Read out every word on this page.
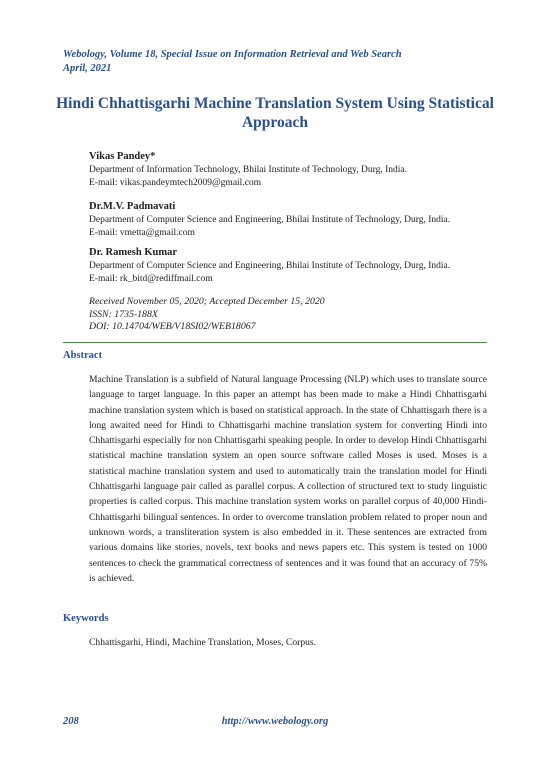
Webology, Volume 18, Special Issue on Information Retrieval and Web Search
April, 2021
Hindi Chhattisgarhi Machine Translation System Using Statistical Approach
Vikas Pandey*
Department of Information Technology, Bhilai Institute of Technology, Durg, India.
E-mail: vikas.pandeymtech2009@gmail.com
Dr.M.V. Padmavati
Department of Computer Science and Engineering, Bhilai Institute of Technology, Durg, India.
E-mail: vmetta@gmail.com
Dr. Ramesh Kumar
Department of Computer Science and Engineering, Bhilai Institute of Technology, Durg, India.
E-mail: rk_bitd@rediffmail.com
Received November 05, 2020; Accepted December 15, 2020
ISSN: 1735-188X
DOI: 10.14704/WEB/V18SI02/WEB18067
Abstract

Machine Translation is a subfield of Natural language Processing (NLP) which uses to translate source language to target language. In this paper an attempt has been made to make a Hindi Chhattisgarhi machine translation system which is based on statistical approach. In the state of Chhattisgarh there is a long awaited need for Hindi to Chhattisgarhi machine translation system for converting Hindi into Chhattisgarhi especially for non Chhattisgarhi speaking people. In order to develop Hindi Chhattisgarhi statistical machine translation system an open source software called Moses is used. Moses is a statistical machine translation system and used to automatically train the translation model for Hindi Chhattisgarhi language pair called as parallel corpus. A collection of structured text to study linguistic properties is called corpus. This machine translation system works on parallel corpus of 40,000 Hindi-Chhattisgarhi bilingual sentences. In order to overcome translation problem related to proper noun and unknown words, a transliteration system is also embedded in it. These sentences are extracted from various domains like stories, novels, text books and news papers etc. This system is tested on 1000 sentences to check the grammatical correctness of sentences and it was found that an accuracy of 75% is achieved.

Keywords

Chhattisgarhi, Hindi, Machine Translation, Moses, Corpus.

208	http://www.webology.org
